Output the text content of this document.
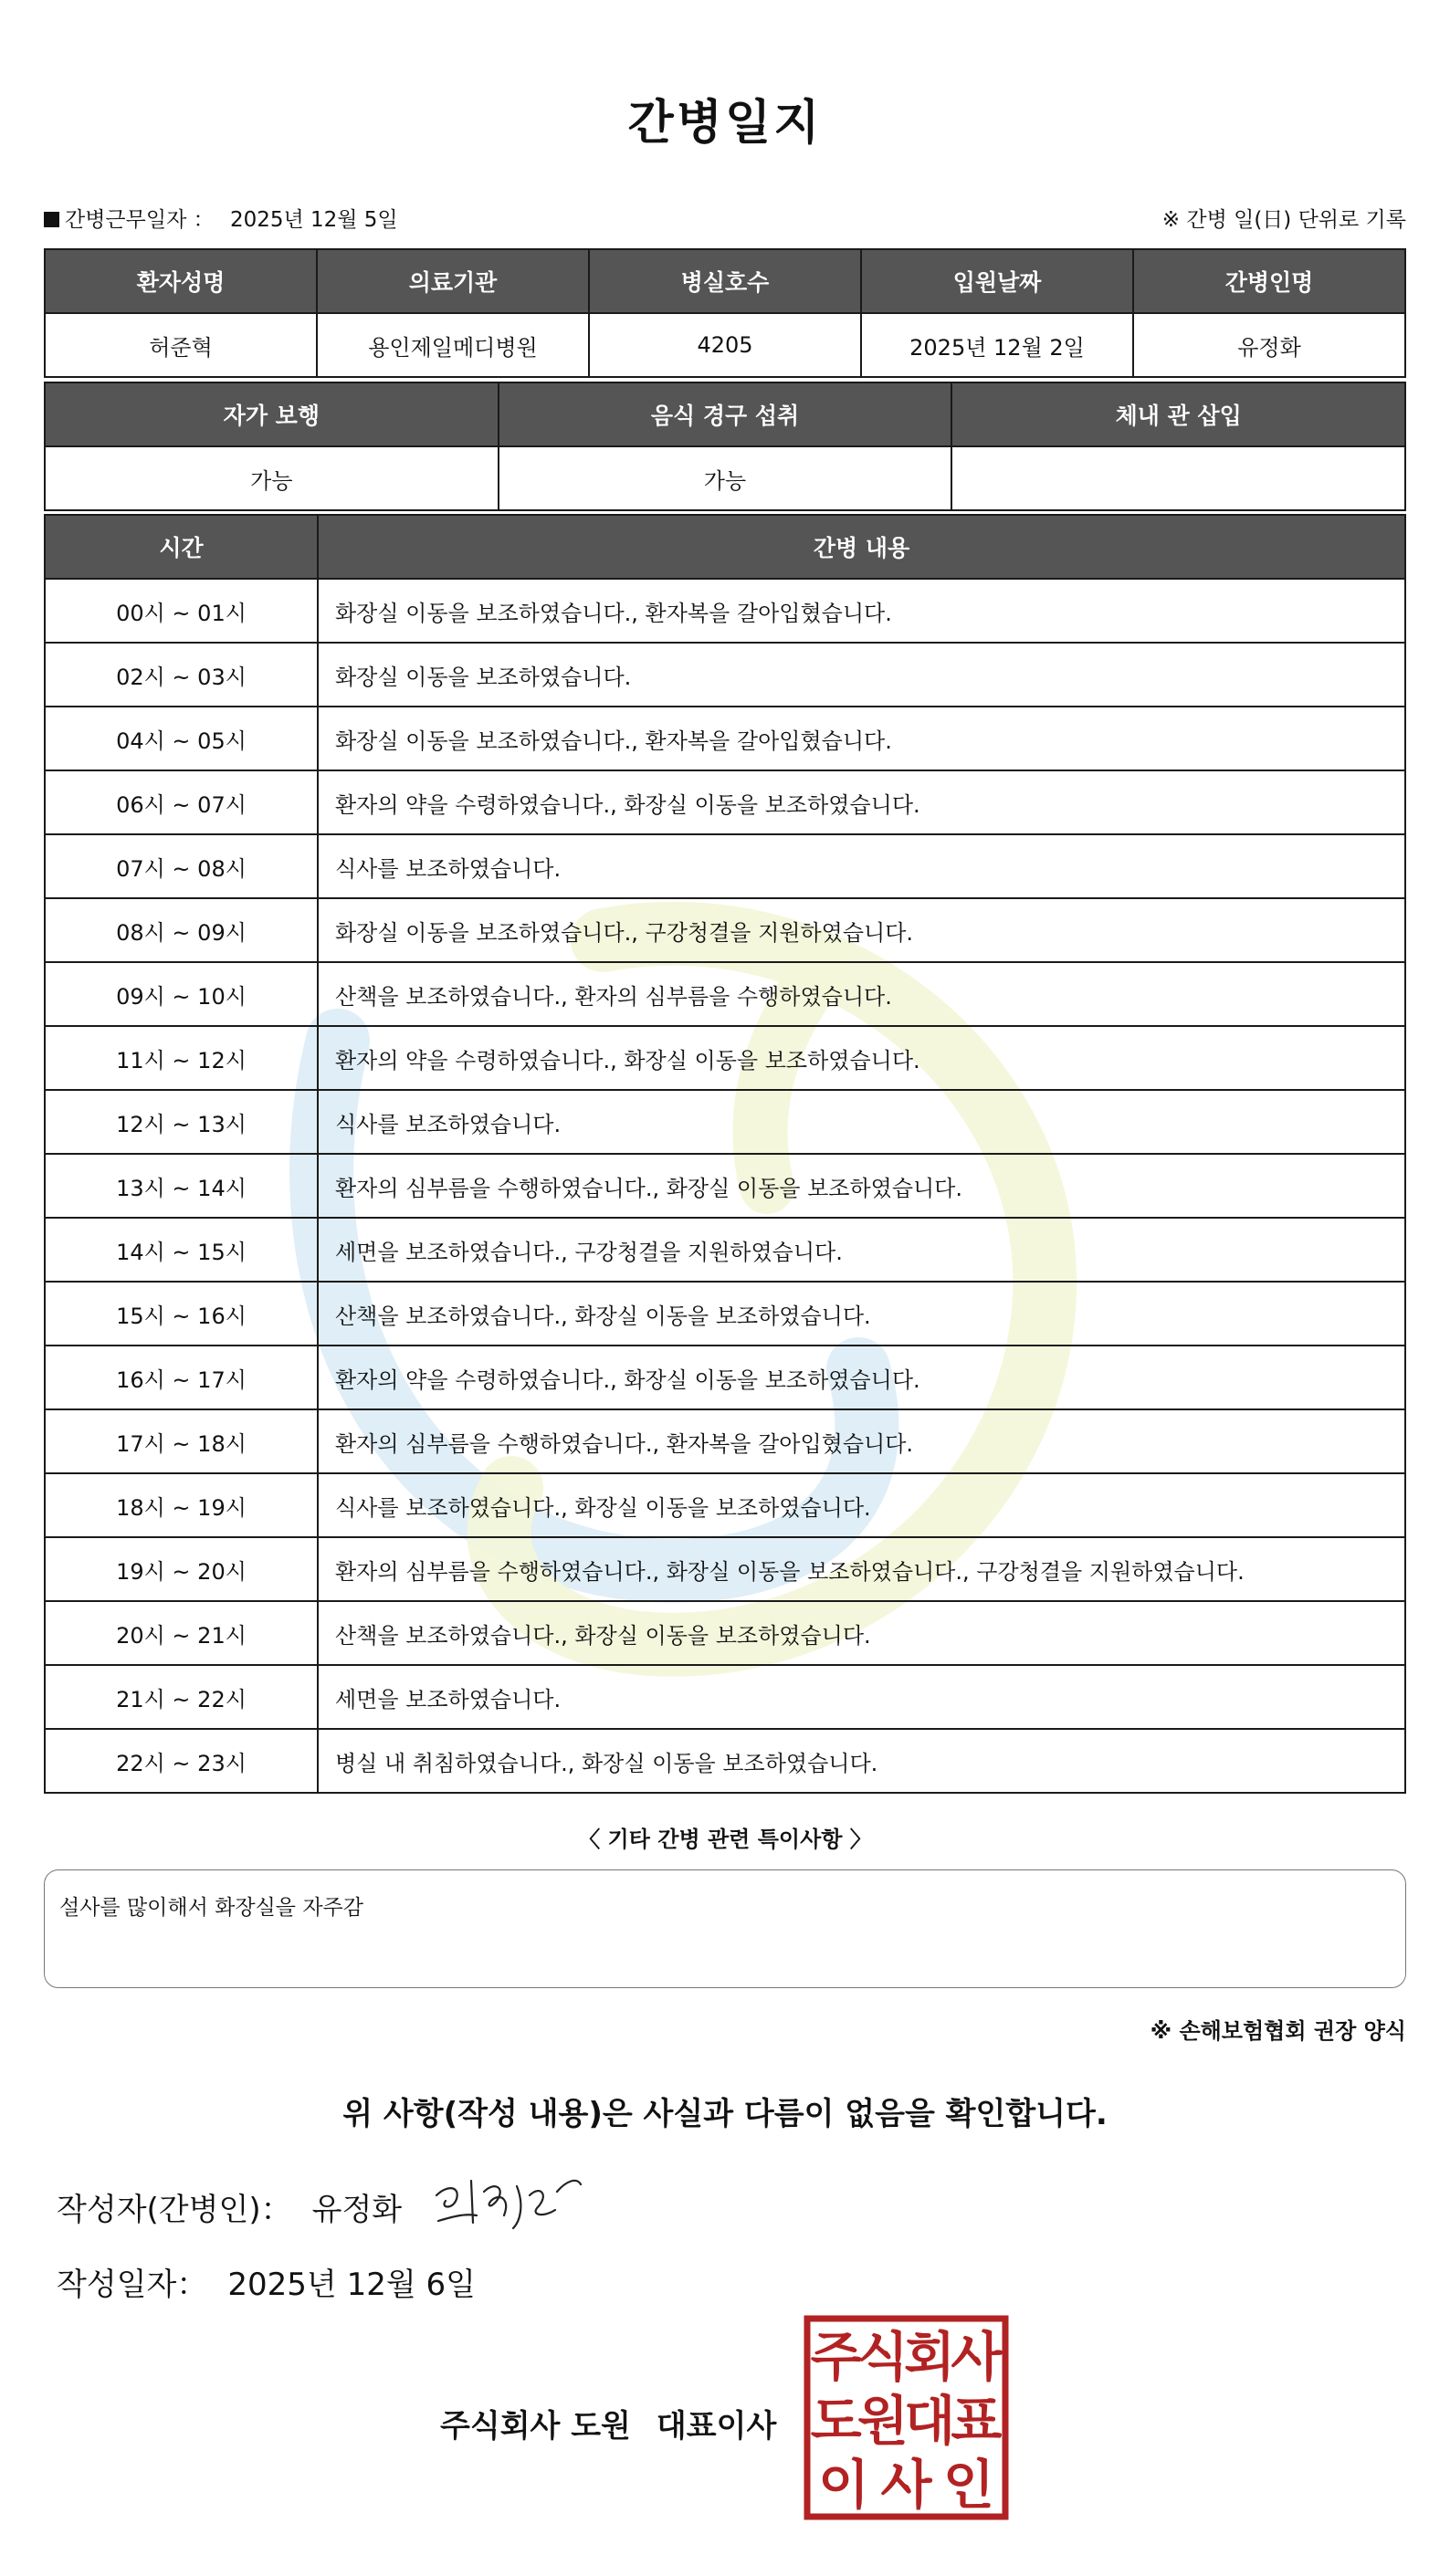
간병일지
간병근무일자 ： 2025년 12월 5일	※ 간병 일(日) 단위로 기록
환자성명	의료기관	병실호수	입원날짜	간병인명
허준혁	용인제일메디병원	4205	2025년 12월 2일	유정화
자가 보행	음식 경구 섭취	체내 관 삽입
가능	가능	
시간	간병 내용
00시 ~ 01시	화장실 이동을 보조하였습니다., 환자복을 갈아입혔습니다.
02시 ~ 03시	화장실 이동을 보조하였습니다.
04시 ~ 05시	화장실 이동을 보조하였습니다., 환자복을 갈아입혔습니다.
06시 ~ 07시	환자의 약을 수령하였습니다., 화장실 이동을 보조하였습니다.
07시 ~ 08시	식사를 보조하였습니다.
08시 ~ 09시	화장실 이동을 보조하였습니다., 구강청결을 지원하였습니다.
09시 ~ 10시	산책을 보조하였습니다., 환자의 심부름을 수행하였습니다.
11시 ~ 12시	환자의 약을 수령하였습니다., 화장실 이동을 보조하였습니다.
12시 ~ 13시	식사를 보조하였습니다.
13시 ~ 14시	환자의 심부름을 수행하였습니다., 화장실 이동을 보조하였습니다.
14시 ~ 15시	세면을 보조하였습니다., 구강청결을 지원하였습니다.
15시 ~ 16시	산책을 보조하였습니다., 화장실 이동을 보조하였습니다.
16시 ~ 17시	환자의 약을 수령하였습니다., 화장실 이동을 보조하였습니다.
17시 ~ 18시	환자의 심부름을 수행하였습니다., 환자복을 갈아입혔습니다.
18시 ~ 19시	식사를 보조하였습니다., 화장실 이동을 보조하였습니다.
19시 ~ 20시	환자의 심부름을 수행하였습니다., 화장실 이동을 보조하였습니다., 구강청결을 지원하였습니다.
20시 ~ 21시	산책을 보조하였습니다., 화장실 이동을 보조하였습니다.
21시 ~ 22시	세면을 보조하였습니다.
22시 ~ 23시	병실 내 취침하였습니다., 화장실 이동을 보조하였습니다.
〈 기타 간병 관련 특이사항 〉
설사를 많이해서 화장실을 자주감
※ 손해보험협회 권장 양식
위 사항(작성 내용)은 사실과 다름이 없음을 확인합니다.
작성자(간병인)： 유정화
작성일자： 2025년 12월 6일
주식회사 도원 대표이사
주
식
회
사
도
원
대
표
이 사 인
